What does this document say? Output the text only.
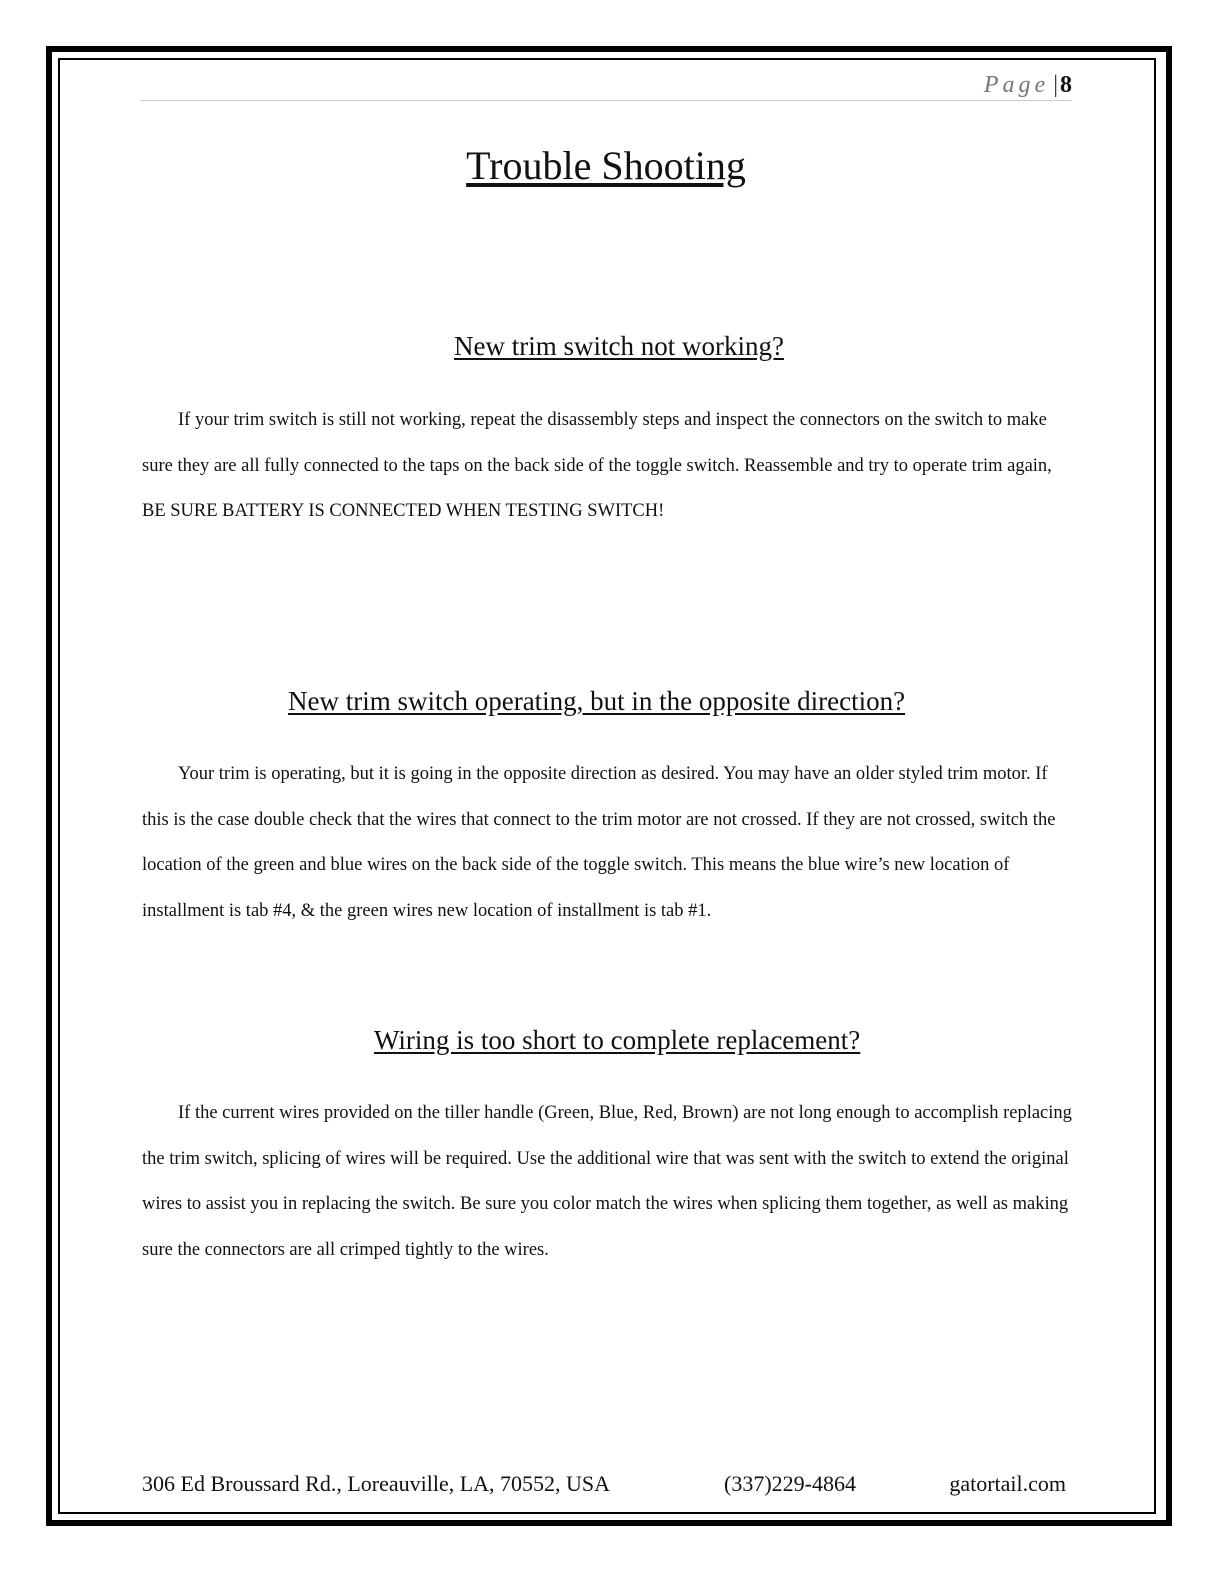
Page |8
Trouble Shooting
New trim switch not working?

If your trim switch is still not working, repeat the disassembly steps and inspect the connectors on the switch to make sure they are all fully connected to the taps on the back side of the toggle switch. Reassemble and try to operate trim again, BE SURE BATTERY IS CONNECTED WHEN TESTING SWITCH!

New trim switch operating, but in the opposite direction?

Your trim is operating, but it is going in the opposite direction as desired. You may have an older styled trim motor. If this is the case double check that the wires that connect to the trim motor are not crossed. If they are not crossed, switch the location of the green and blue wires on the back side of the toggle switch. This means the blue wire’s new location of installment is tab #4, & the green wires new location of installment is tab #1.

Wiring is too short to complete replacement?

If the current wires provided on the tiller handle (Green, Blue, Red, Brown) are not long enough to accomplish replacing the trim switch, splicing of wires will be required. Use the additional wire that was sent with the switch to extend the original wires to assist you in replacing the switch. Be sure you color match the wires when splicing them together, as well as making sure the connectors are all crimped tightly to the wires.

306 Ed Broussard Rd., Loreauville, LA, 70552, USA	(337)229-4864	gatortail.com
